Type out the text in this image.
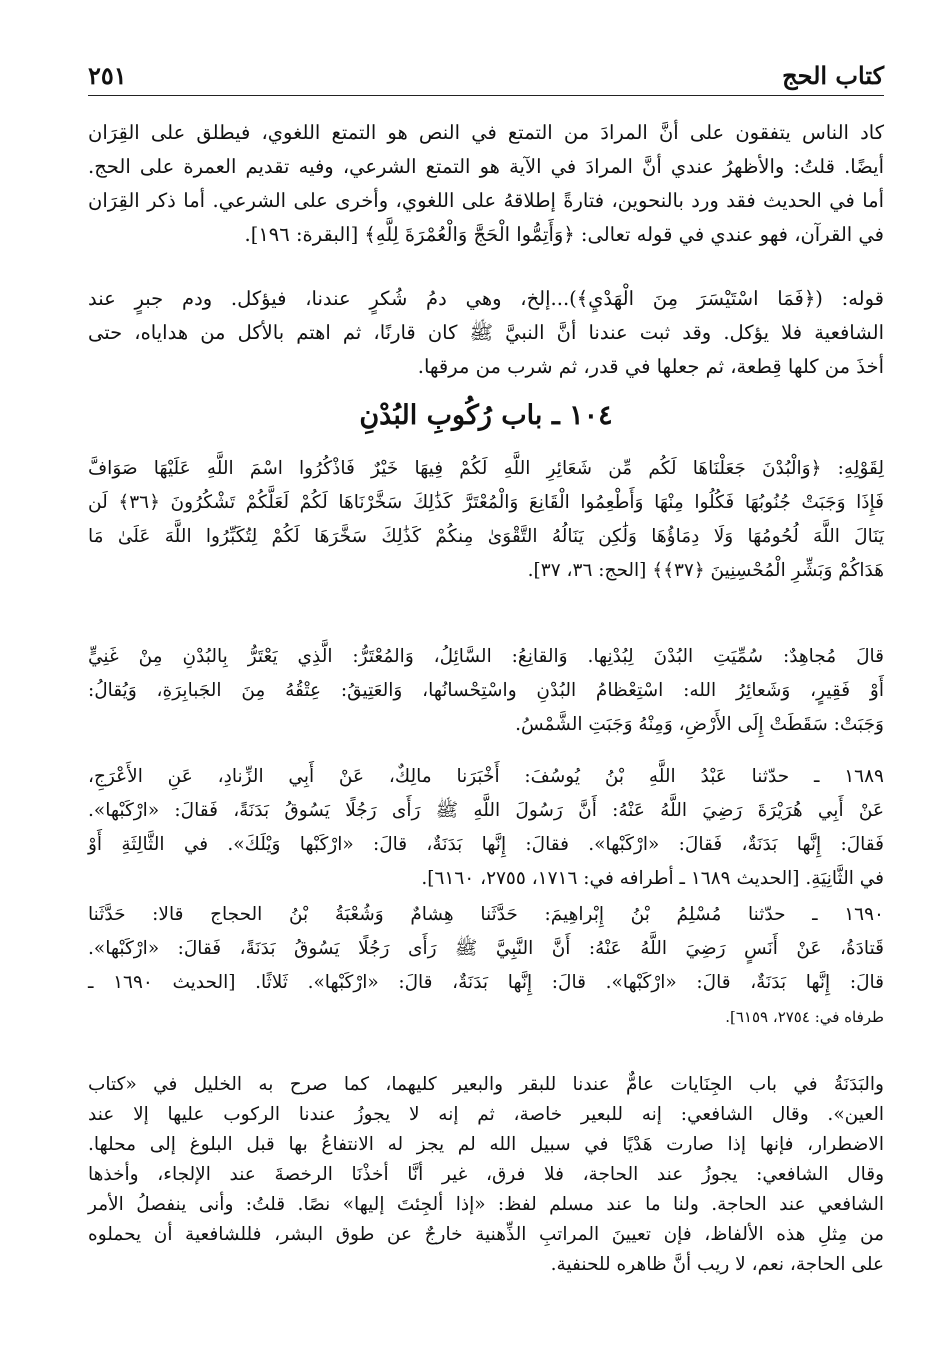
كتاب الحج
٢٥١

كاد الناس يتفقون على أنَّ المرادَ من التمتع في النص هو التمتع اللغوي، فيطلق على القِرَان
أيضًا. قلتُ: والأظهرُ عندي أنَّ المرادَ في الآية هو التمتع الشرعي، وفيه تقديم العمرة على الحج.
أما في الحديث فقد ورد بالنحوين، فتارةً إطلاقهُ على اللغوي، وأخرى على الشرعي. أما ذكر القِرَان
في القرآن، فهو عندي في قوله تعالى: ﴿وَأَتِمُّوا الْحَجَّ وَالْعُمْرَةَ لِلَّهِ﴾ [البقرة: ١٩٦].

قوله: (﴿فَمَا اسْتَيْسَرَ مِنَ الْهَدْيِ﴾)...إلخ، وهي دمُ شُكرٍ عندنا، فيؤكل. ودم جبرٍ عند
الشافعية فلا يؤكل. وقد ثبت عندنا أنَّ النبيَّ ﷺ كان قارنًا، ثم اهتم بالأكل من هداياه، حتى
أخذَ من كلها قِطعة، ثم جعلها في قدر، ثم شرب من مرقها.

١٠٤ ـ باب رُكُوبِ البُدْنِ

لِقَوْلِهِ: ﴿وَالْبُدْنَ جَعَلْنَاهَا لَكُم مِّن شَعَائِرِ اللَّهِ لَكُمْ فِيهَا خَيْرٌ فَاذْكُرُوا اسْمَ اللَّهِ عَلَيْهَا صَوَافَّ
فَإِذَا وَجَبَتْ جُنُوبُهَا فَكُلُوا مِنْهَا وَأَطْعِمُوا الْقَانِعَ وَالْمُعْتَرَّ كَذَٰلِكَ سَخَّرْنَاهَا لَكُمْ لَعَلَّكُمْ تَشْكُرُونَ ﴿٣٦﴾ لَن
يَنَالَ اللَّهَ لُحُومُهَا وَلَا دِمَاؤُهَا وَلَٰكِن يَنَالُهُ التَّقْوَىٰ مِنكُمْ كَذَٰلِكَ سَخَّرَهَا لَكُمْ لِتُكَبِّرُوا اللَّهَ عَلَىٰ مَا
هَدَاكُمْ وَبَشِّرِ الْمُحْسِنِينَ ﴿٣٧﴾﴾ [الحج: ٣٦، ٣٧].

قالَ مُجاهِدٌ: سُمِّيَتِ البُدْنَ لِبُدْنِها. وَالقانِعُ: السَّائِلُ، وَالمُعْتَرُّ: الَّذِي يَعْتَرُّ بِالبُدْنِ مِنْ غَنِيٍّ
أَوْ فَقِيرٍ، وَشَعائِرُ الله: اسْتِعْظامُ البُدْنِ واسْتِحْسانُها، وَالعَتِيقُ: عِتْقُهُ مِنَ الجَبابِرَةِ، وَيُقالُ:
وَجَبَتْ: سَقَطَتْ إِلَى الأَرْضِ، وَمِنْهُ وَجَبَتِ الشَّمْسُ.

١٦٨٩ ـ حدّثنا عَبْدُ اللَّهِ بْنُ يُوسُفَ: أَخْبَرَنا مالِكٌ، عَنْ أَبِي الزِّنادِ، عَنِ الأَعْرَجِ،
عَنْ أَبِي هُرَيْرَةَ رَضِيَ اللَّهُ عَنْهُ: أَنَّ رَسُولَ اللَّهِ ﷺ رَأَى رَجُلًا يَسُوقُ بَدَنَةً، فَقالَ: «ارْكَبْها».
فَقالَ: إِنَّها بَدَنَةٌ، فَقالَ: «ارْكَبْها». فقالَ: إِنَّها بَدَنَةٌ، قالَ: «ارْكَبْها وَيْلَكَ». في الثَّالِثَةِ أَوْ
في الثَّانِيَةِ. [الحديث ١٦٨٩ ـ أطرافه في: ١٧١٦، ٢٧٥٥، ٦١٦٠].

١٦٩٠ ـ حدّثنا مُسْلِمُ بْنُ إِبْراهِيمَ: حَدَّثَنا هِشامٌ وَشُعْبَةُ بْنُ الحجاج قالا: حَدَّثَنا
قَتادَةُ، عَنْ أَنَسٍ رَضِيَ اللَّهُ عَنْهُ: أَنَّ النَّبِيَّ ﷺ رَأَى رَجُلًا يَسُوقُ بَدَنَةً، فَقالَ: «ارْكَبْها».
قالَ: إِنَّها بَدَنَةٌ، قالَ: «ارْكَبْها». قالَ: إِنَّها بَدَنَةٌ، قالَ: «ارْكَبْها». ثَلاثًا. [الحديث ١٦٩٠ ـ
طرفاه في: ٢٧٥٤، ٦١٥٩].

والبَدَنَةُ في باب الجِنَايات عامٌّ عندنا للبقر والبعير كليهما، كما صرح به الخليل في «كتاب
العين». وقال الشافعي: إنه للبعير خاصة، ثم إنه لا يجوزُ عندنا الركوب عليها إلا عند
الاضطرار، فإنها إذا صارت هَدْيًا في سبيل الله لم يجز له الانتفاعُ بها قبل البلوغ إلى محلها.
وقال الشافعي: يجوزُ عند الحاجة، فلا فرق، غير أنَّا أخذْنَا الرخصةَ عند الإلجاء، وأخذها
الشافعي عند الحاجة. ولنا ما عند مسلم لفظ: «إذا ألجِئتَ إليها» نصًا. قلتُ: وأنى ينفصلُ الأمر
من مِثلِ هذه الألفاظ، فإن تعيينَ المراتبِ الذِّهنية خارجٌ عن طوق البشر، فللشافعية أن يحملوه
على الحاجة، نعم، لا ريب أنَّ ظاهره للحنفية.
